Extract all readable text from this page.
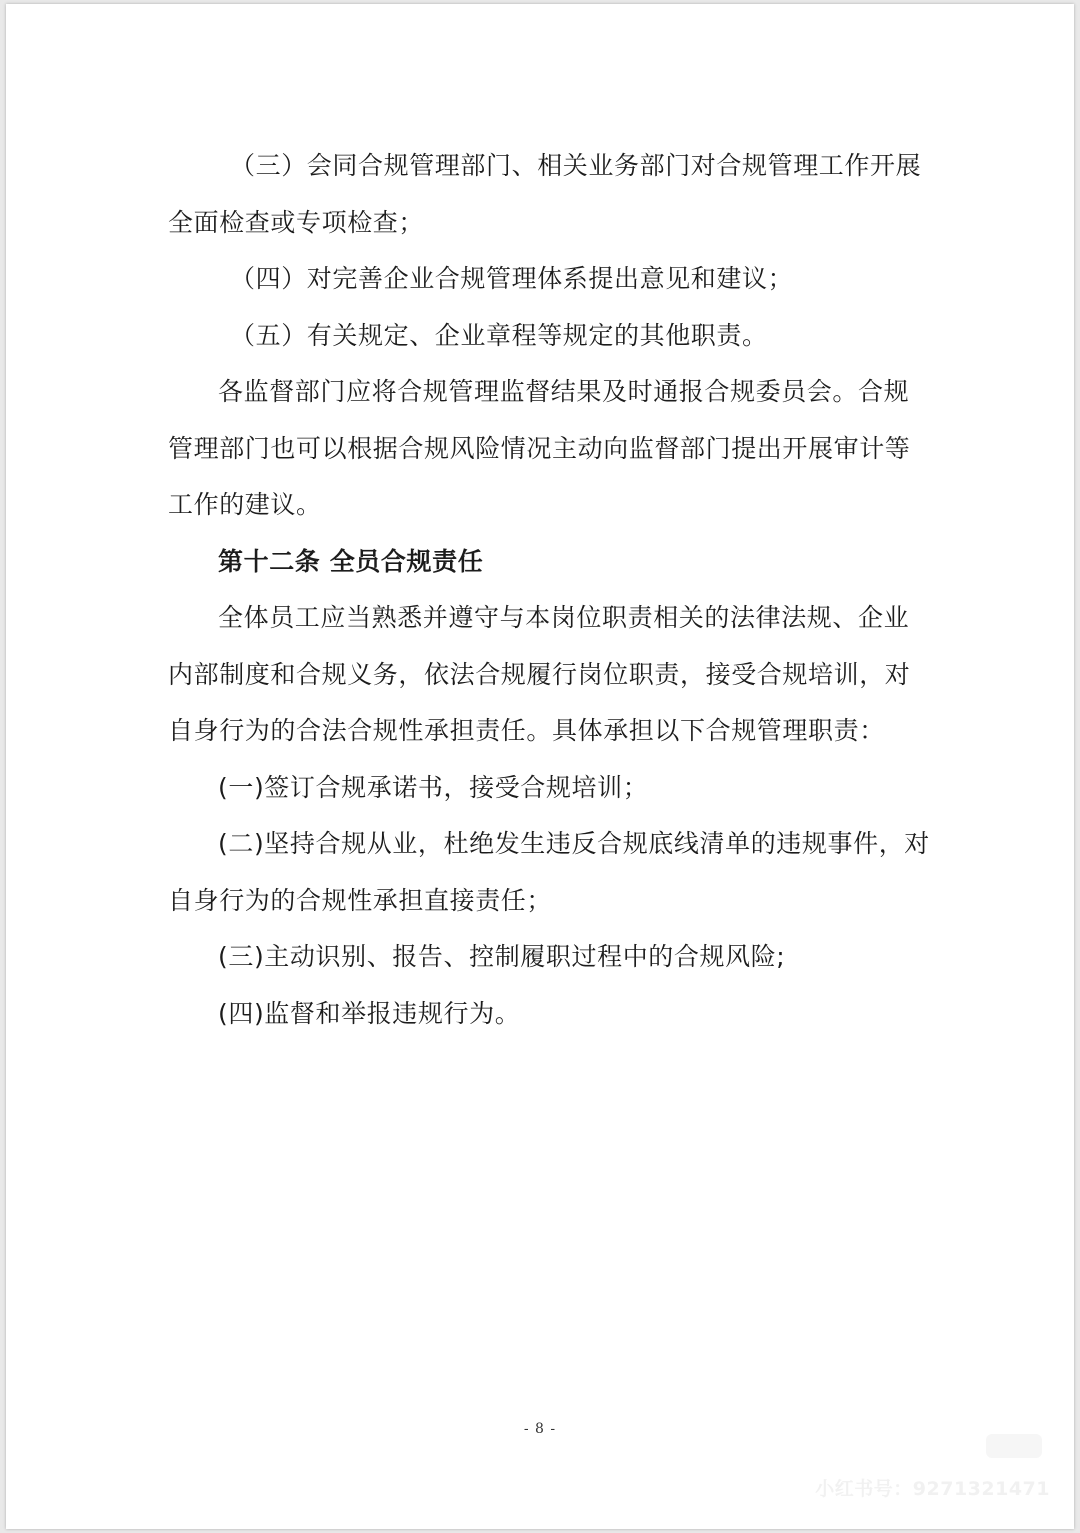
（三）会同合规管理部门、相关业务部门对合规管理工作开展
全面检查或专项检查；
（四）对完善企业合规管理体系提出意见和建议；
（五）有关规定、企业章程等规定的其他职责。
各监督部门应将合规管理监督结果及时通报合规委员会。合规
管理部门也可以根据合规风险情况主动向监督部门提出开展审计等
工作的建议。
第十二条 全员合规责任
全体员工应当熟悉并遵守与本岗位职责相关的法律法规、企业
内部制度和合规义务，依法合规履行岗位职责，接受合规培训，对
自身行为的合法合规性承担责任。具体承担以下合规管理职责：
(一)签订合规承诺书，接受合规培训；
(二)坚持合规从业，杜绝发生违反合规底线清单的违规事件，对
自身行为的合规性承担直接责任；
(三)主动识别、报告、控制履职过程中的合规风险;
(四)监督和举报违规行为。
- 8 -
小红书号：9271321471
